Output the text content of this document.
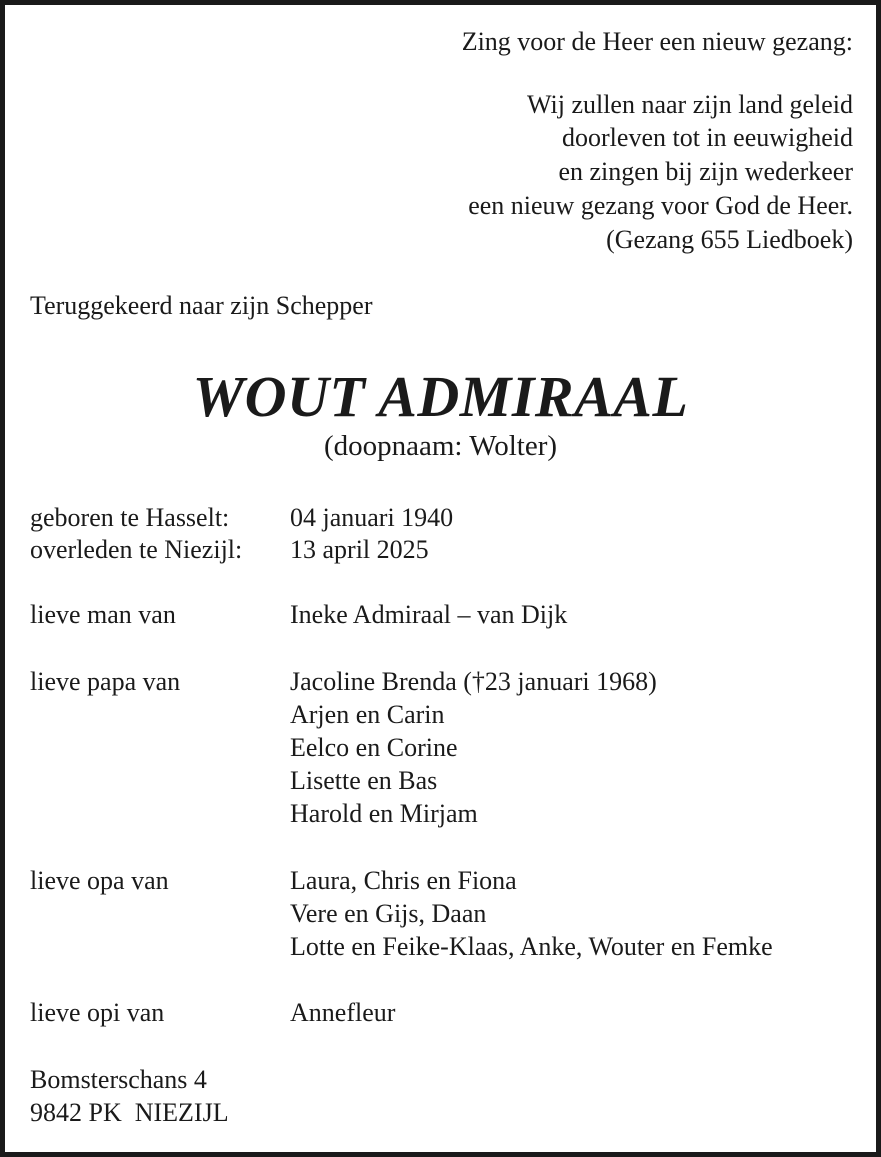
Zing voor de Heer een nieuw gezang:
Wij zullen naar zijn land geleid
doorleven tot in eeuwigheid
en zingen bij zijn wederkeer
een nieuw gezang voor God de Heer.
(Gezang 655 Liedboek)
Teruggekeerd naar zijn Schepper
WOUT ADMIRAAL
(doopnaam: Wolter)
geboren te Hasselt: 04 januari 1940
overleden te Niezijl: 13 april 2025
lieve man van	Ineke Admiraal – van Dijk
lieve papa van	Jacoline Brenda (†23 januari 1968)
Arjen en Carin
Eelco en Corine
Lisette en Bas
Harold en Mirjam
lieve opa van	Laura, Chris en Fiona
Vere en Gijs, Daan
Lotte en Feike-Klaas, Anke, Wouter en Femke
lieve opi van	Annefleur
Bomsterschans 4
9842 PK  NIEZIJL
